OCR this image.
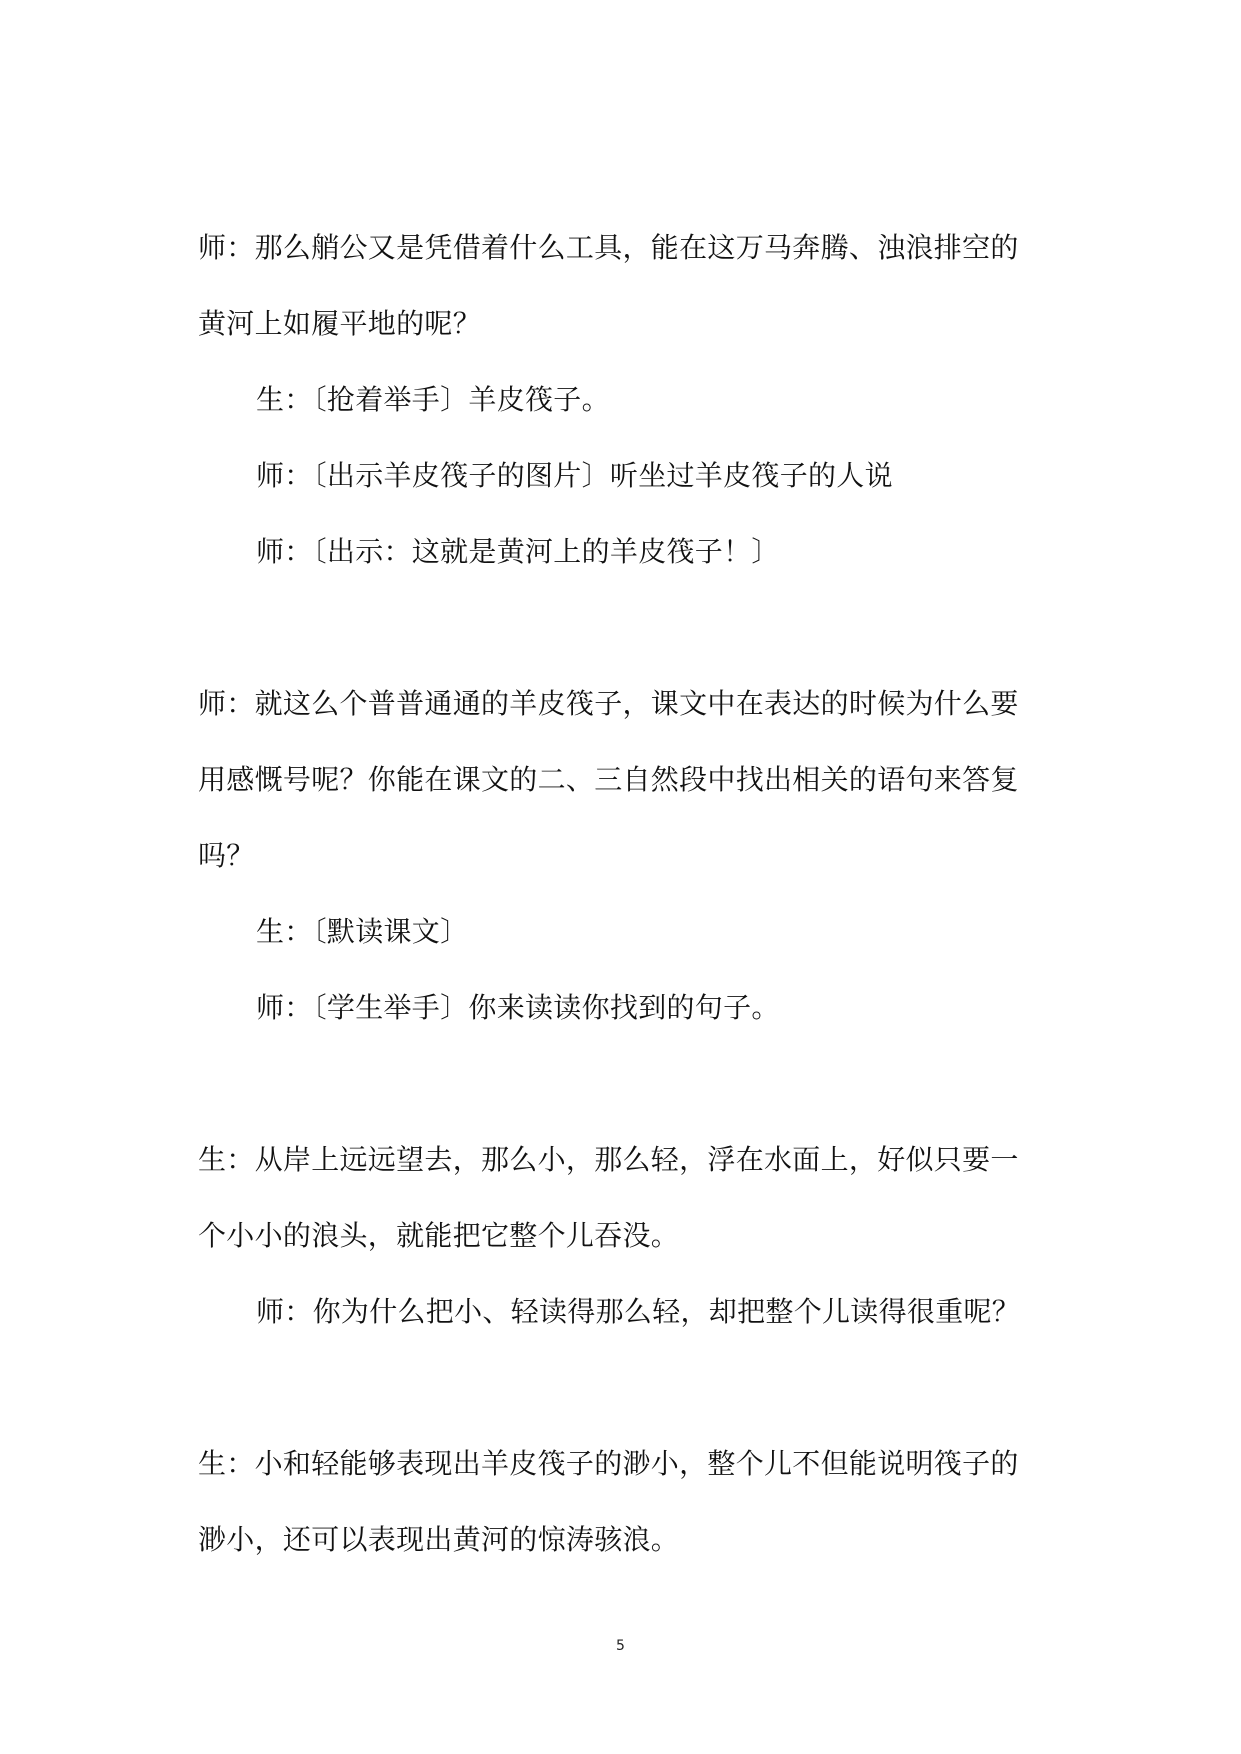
师：那么艄公又是凭借着什么工具，能在这万马奔腾、浊浪排空的
黄河上如履平地的呢？
生：〔抢着举手〕羊皮筏子。
师：〔出示羊皮筏子的图片〕听坐过羊皮筏子的人说
师：〔出示：这就是黄河上的羊皮筏子！〕
师：就这么个普普通通的羊皮筏子，课文中在表达的时候为什么要
用感慨号呢？你能在课文的二、三自然段中找出相关的语句来答复
吗？
生：〔默读课文〕
师：〔学生举手〕你来读读你找到的句子。
生：从岸上远远望去，那么小，那么轻，浮在水面上，好似只要一
个小小的浪头，就能把它整个儿吞没。
师：你为什么把小、轻读得那么轻，却把整个儿读得很重呢？
生：小和轻能够表现出羊皮筏子的渺小，整个儿不但能说明筏子的
渺小，还可以表现出黄河的惊涛骇浪。
5
